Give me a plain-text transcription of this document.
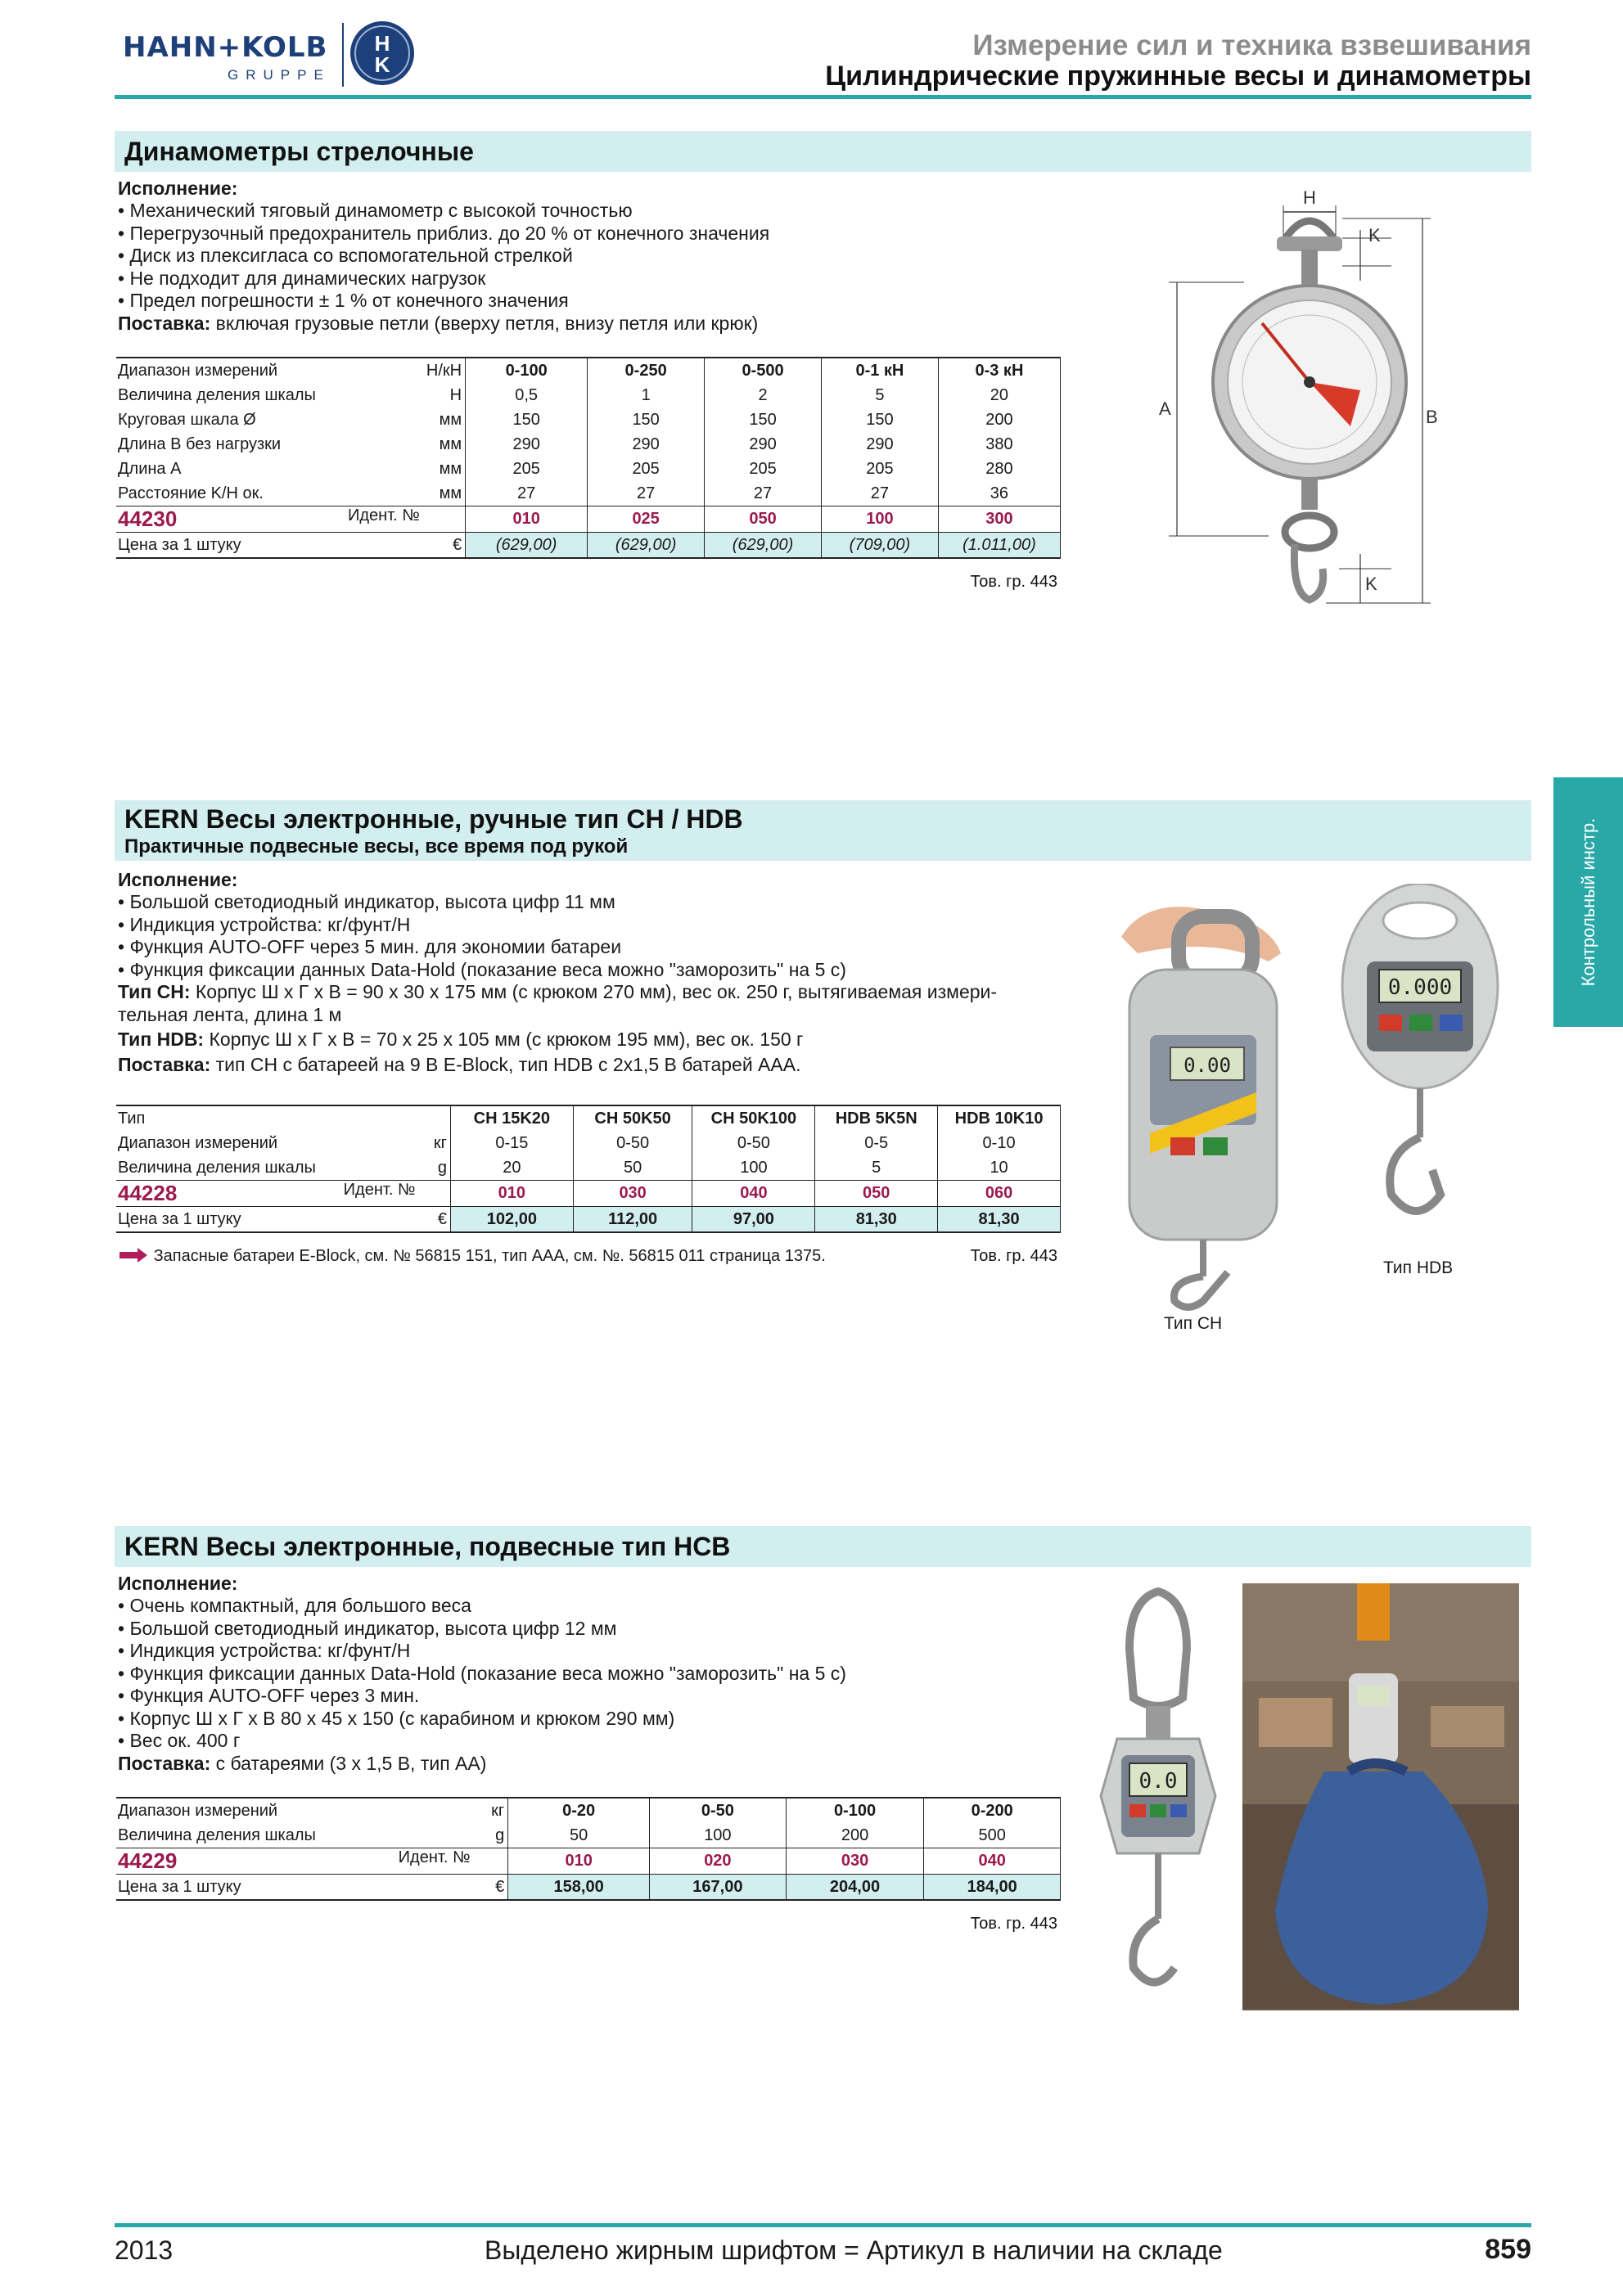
HAHN+KOLB
GRUPPE
H
K
Измерение сил и техника взвешивания
Цилиндрические пружинные весы и динамометры
Контрольный инстр.
Динамометры стрелочные
Исполнение:
• Механический тяговый динамометр с высокой точностью
• Перегрузочный предохранитель приблиз. до 20 % от конечного значения
• Диск из плексигласа со вспомогательной стрелкой
• Не подходит для динамических нагрузок
• Предел погрешности ± 1 % от конечного значения
Поставка: включая грузовые петли (вверху петля, внизу петля или крюк)
Диапазон измерений	Н/кН	0-100	0-250	0-500	0-1 кН	0-3 кН
Величина деления шкалы	Н	0,5	1	2	5	20
Круговая шкала Ø	мм	150	150	150	150	200
Длина B без нагрузки	мм	290	290	290	290	380
Длина A	мм	205	205	205	205	280
Расстояние K/H ок.	мм	27	27	27	27	36
44230 Идент. №		010	025	050	100	300
Цена за 1 штуку	€	(629,00)	(629,00)	(629,00)	(709,00)	(1.011,00)
Тов. гр. 443
H
K
A	B
K
KERN Весы электронные, ручные тип CH / HDB
Практичные подвесные весы, все время под рукой
Исполнение:
• Большой светодиодный индикатор, высота цифр 11 мм
• Индикция устройства: кг/фунт/Н
• Функция AUTO-OFF через 5 мин. для экономии батареи
• Функция фиксации данных Data-Hold (показание веса можно "заморозить" на 5 с)
Тип CH: Корпус Ш x Г x В = 90 x 30 x 175 мм (с крюком 270 мм), вес ок. 250 г, вытягиваемая измери-
тельная лента, длина 1 м
Тип HDB: Корпус Ш x Г x В = 70 x 25 x 105 мм (с крюком 195 мм), вес ок. 150 г
Поставка: тип CH с батареей на 9 В E-Block, тип HDB с 2x1,5 В батарей AAA.
Тип		CH 15K20	CH 50K50	CH 50K100	HDB 5K5N	HDB 10K10
Диапазон измерений	кг	0-15	0-50	0-50	0-5	0-10
Величина деления шкалы	g	20	50	100	5	10
44228 Идент. №		010	030	040	050	060
Цена за 1 штуку	€	102,00	112,00	97,00	81,30	81,30
Запасные батареи E-Block, см. № 56815 151, тип AAA, см. №. 56815 011 страница 1375.	Тов. гр. 443
0.00
Тип CH
0.000
Тип HDB
KERN Весы электронные, подвесные тип HCB
Исполнение:
• Очень компактный, для большого веса
• Большой светодиодный индикатор, высота цифр 12 мм
• Индикция устройства: кг/фунт/Н
• Функция фиксации данных Data-Hold (показание веса можно "заморозить" на 5 с)
• Функция AUTO-OFF через 3 мин.
• Корпус Ш x Г x В 80 x 45 x 150 (с карабином и крюком 290 мм)
• Вес ок. 400 г
Поставка: с батареями (3 x 1,5 В, тип AA)
Диапазон измерений	кг	0-20	0-50	0-100	0-200
Величина деления шкалы	g	50	100	200	500
44229 Идент. №		010	020	030	040
Цена за 1 штуку	€	158,00	167,00	204,00	184,00
Тов. гр. 443
0.0
2013	Выделено жирным шрифтом = Артикул в наличии на складе	859
